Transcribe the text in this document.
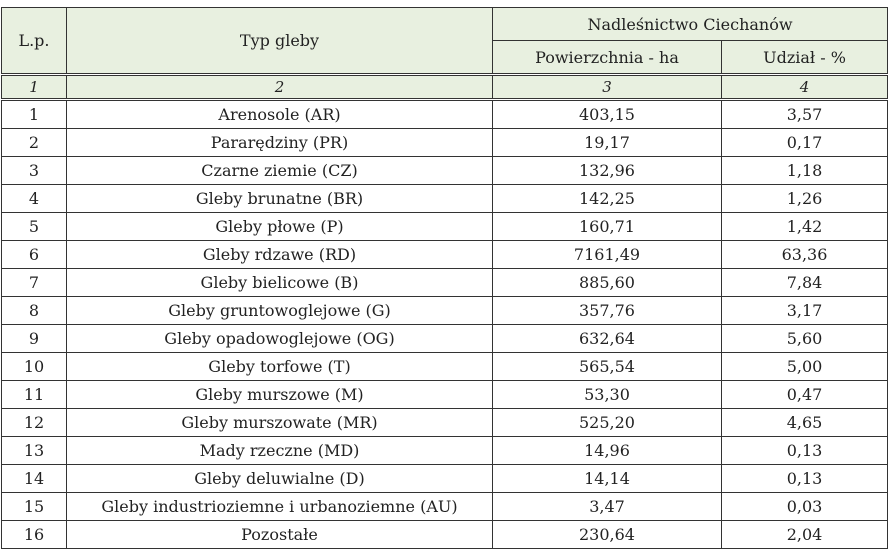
L.p.	Typ gleby	Nadleśnictwo Ciechanów	
		Powierzchnia - ha	Udział - %
1	2	3	4
1	Arenosole (AR)	403,15	3,57
2	Pararędziny (PR)	19,17	0,17
3	Czarne ziemie (CZ)	132,96	1,18
4	Gleby brunatne (BR)	142,25	1,26
5	Gleby płowe (P)	160,71	1,42
6	Gleby rdzawe (RD)	7161,49	63,36
7	Gleby bielicowe (B)	885,60	7,84
8	Gleby gruntowoglejowe (G)	357,76	3,17
9	Gleby opadowoglejowe (OG)	632,64	5,60
10	Gleby torfowe (T)	565,54	5,00
11	Gleby murszowe (M)	53,30	0,47
12	Gleby murszowate (MR)	525,20	4,65
13	Mady rzeczne (MD)	14,96	0,13
14	Gleby deluwialne (D)	14,14	0,13
15	Gleby industrioziemne i urbanoziemne (AU)	3,47	0,03
16	Pozostałe	230,64	2,04
